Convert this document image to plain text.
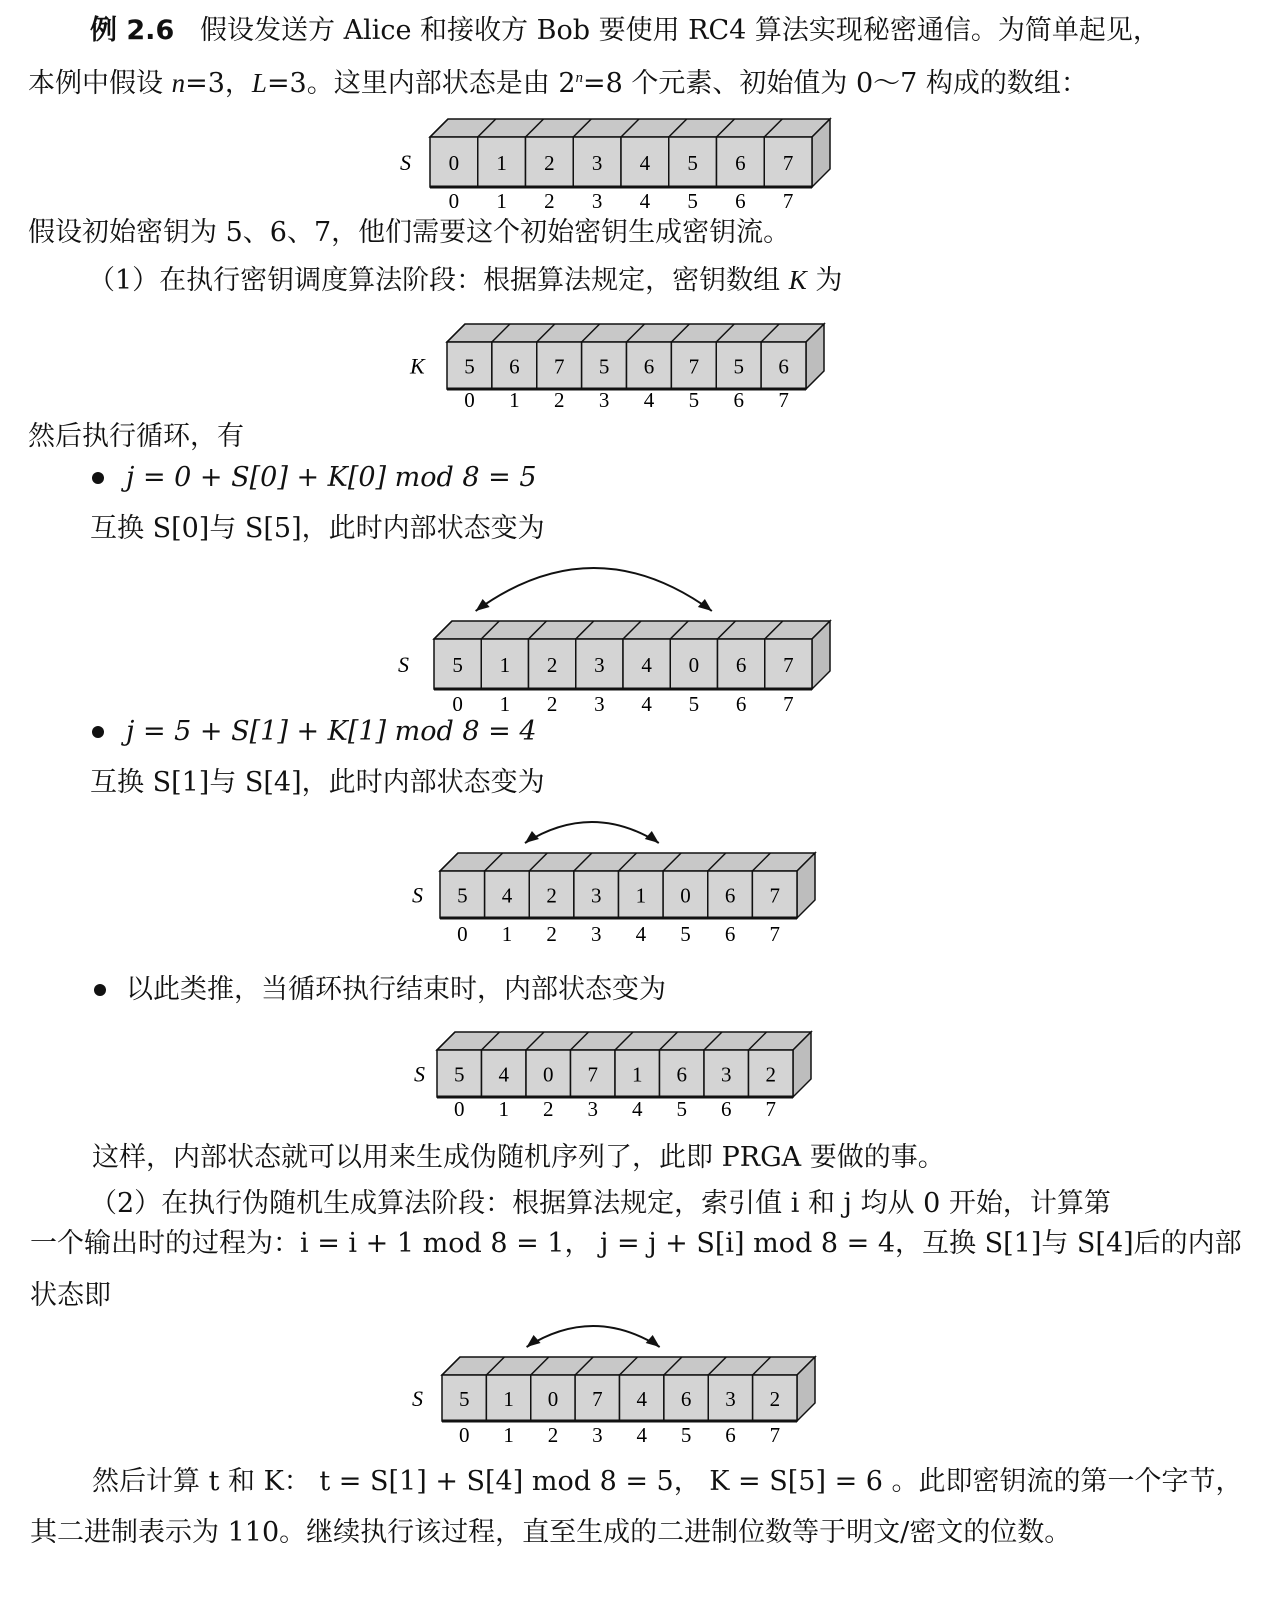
例 2.6 假设发送方 Alice 和接收方 Bob 要使用 RC4 算法实现秘密通信。为简单起见，
本例中假设 n=3，L=3。这里内部状态是由 $2^n=8$ 个元素、初始值为 0～7 构成的数组：
假设初始密钥为 5、6、7，他们需要这个初始密钥生成密钥流。
（1）在执行密钥调度算法阶段：根据算法规定，密钥数组 K 为
然后执行循环，有
j = 0 + S[0] + K[0] mod 8 = 5
互换 S[0]与 S[5]，此时内部状态变为
j = 5 + S[1] + K[1] mod 8 = 4
互换 S[1]与 S[4]，此时内部状态变为
以此类推，当循环执行结束时，内部状态变为
这样，内部状态就可以用来生成伪随机序列了，此即 PRGA 要做的事。
（2）在执行伪随机生成算法阶段：根据算法规定，索引值 i 和 j 均从 0 开始，计算第
一个输出时的过程为：i = i + 1 mod 8 = 1， j = j + S[i] mod 8 = 4，互换 S[1]与 S[4]后的内部
状态即
然后计算 t 和 K： t = S[1] + S[4] mod 8 = 5， K = S[5] = 6 。此即密钥流的第一个字节，
其二进制表示为 110。继续执行该过程，直至生成的二进制位数等于明文/密文的位数。
S 0
0
1
1
2
2
3
3
4
4
5
5
6
6
7
7
K 5
0
6
1
7
2
5
3
6
4
7
5
5
6
6
7
S 5
0
1
1
2
2
3
3
4
4
0
5
6
6
7
7
S 5
0
4
1
2
2
3
3
1
4
0
5
6
6
7
7
S 5
0
4
1
0
2
7
3
1
4
6
5
3
6
2
7
S 5
0
1
1
0
2
7
3
4
4
6
5
3
6
2
7
